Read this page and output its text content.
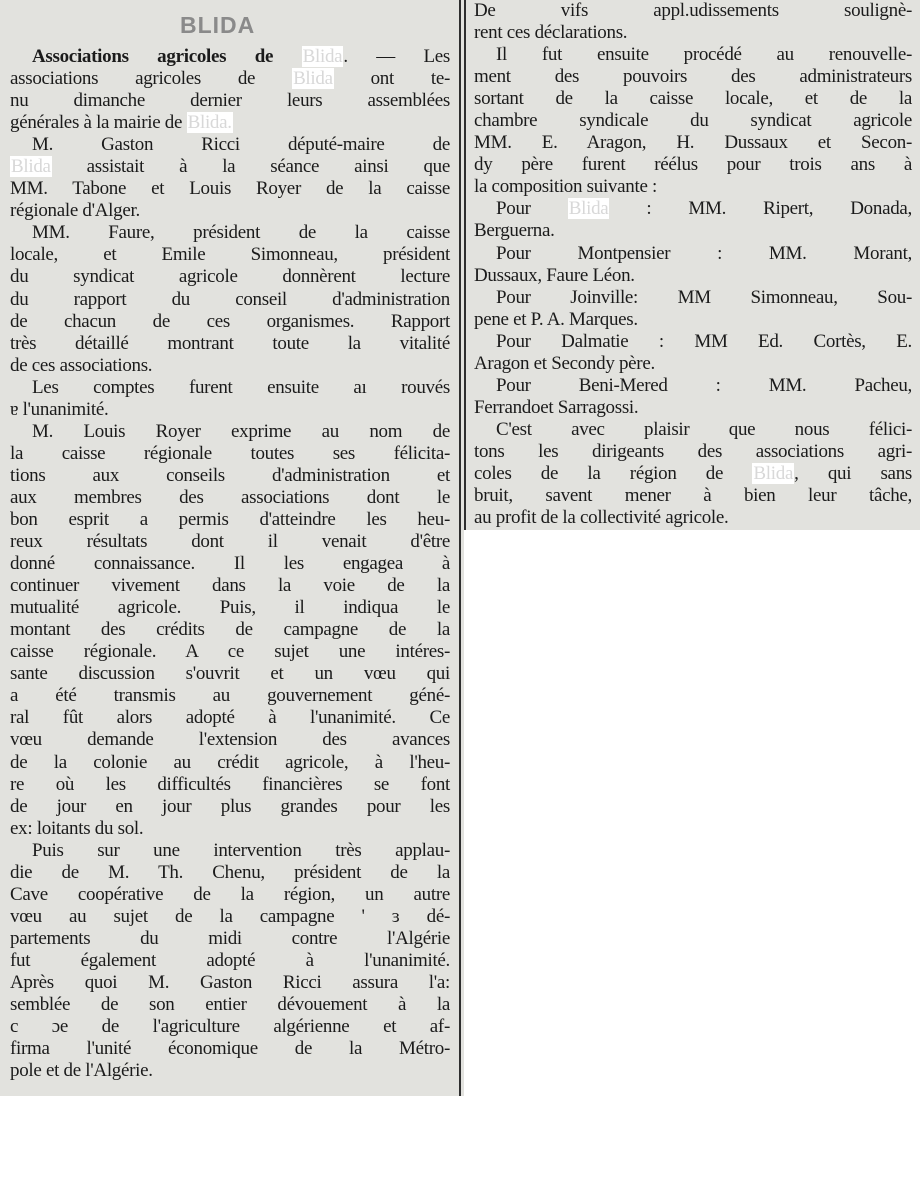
BLIDA
Associations agricoles de Blida. — Les
associations agricoles de Blida ont te-
nu dimanche dernier leurs assemblées
générales à la mairie de Blida.
M. Gaston Ricci député-maire de
Blida assistait à la séance ainsi que
MM. Tabone et Louis Royer de la caisse
régionale d'Alger.
MM. Faure, président de la caisse
locale, et Emile Simonneau, président
du syndicat agricole donnèrent lecture
du rapport du conseil d'administration
de chacun de ces organismes. Rapport
très détaillé montrant toute la vitalité
de ces associations.
Les comptes furent ensuite aı rouvés
ɐ l'unanimité.
M. Louis Royer exprime au nom de
la caisse régionale toutes ses félicita-
tions aux conseils d'administration et
aux membres des associations dont le
bon esprit a permis d'atteindre les heu-
reux résultats dont il venait d'être
donné connaissance. Il les engagea à
continuer vivement dans la voie de la
mutualité agricole. Puis, il indiqua le
montant des crédits de campagne de la
caisse régionale. A ce sujet une intéres-
sante discussion s'ouvrit et un vœu qui
a été transmis au gouvernement géné-
ral fût alors adopté à l'unanimité. Ce
vœu demande l'extension des avances
de la colonie au crédit agricole, à l'heu-
re où les difficultés financières se font
de jour en jour plus grandes pour les
ex: loitants du sol.
Puis sur une intervention très applau-
die de M. Th. Chenu, président de la
Cave coopérative de la région, un autre
vœu au sujet de la campagne ' ɜ dé-
partements du midi contre l'Algérie
fut également adopté à l'unanimité.
Après quoi M. Gaston Ricci assura l'a:
semblée de son entier dévouement à la
c ɔe de l'agriculture algérienne et af-
firma l'unité économique de la Métro-
pole et de l'Algérie.
De vifs appl.udissements soulignè-
rent ces déclarations.
Il fut ensuite procédé au renouvelle-
ment des pouvoirs des administrateurs
sortant de la caisse locale, et de la
chambre syndicale du syndicat agricole
MM. E. Aragon, H. Dussaux et Secon-
dy père furent réélus pour trois ans à
la composition suivante :
Pour Blida : MM. Ripert, Donada,
Berguerna.
Pour Montpensier : MM. Morant,
Dussaux, Faure Léon.
Pour Joinville: MM Simonneau, Sou-
pene et P. A. Marques.
Pour Dalmatie : MM Ed. Cortès, E.
Aragon et Secondy père.
Pour Beni-Mered : MM. Pacheu,
Ferrandoet Sarragossi.
C'est avec plaisir que nous félici-
tons les dirigeants des associations agri-
coles de la région de Blida, qui sans
bruit, savent mener à bien leur tâche,
au profit de la collectivité agricole.
